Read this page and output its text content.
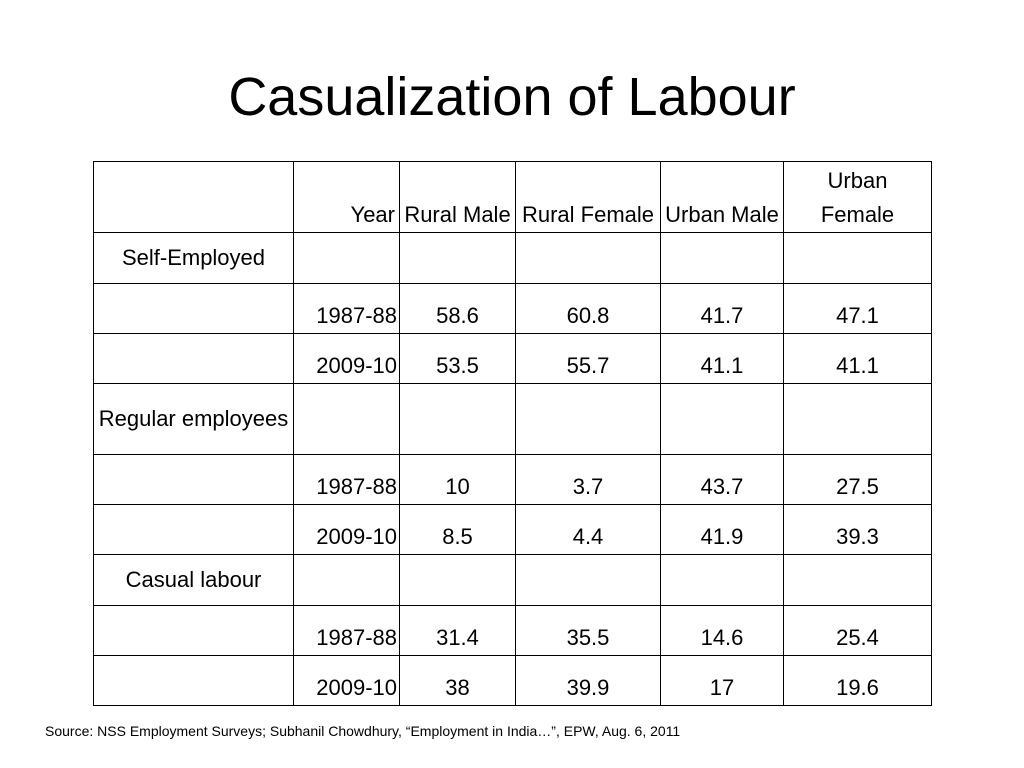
Casualization of Labour
	Year	Rural Male	Rural Female	Urban Male	Urban Female
Self-Employed					
	1987-88	58.6	60.8	41.7	47.1
	2009-10	53.5	55.7	41.1	41.1
Regular employees					
	1987-88	10	3.7	43.7	27.5
	2009-10	8.5	4.4	41.9	39.3
Casual labour					
	1987-88	31.4	35.5	14.6	25.4
	2009-10	38	39.9	17	19.6
Source: NSS Employment Surveys; Subhanil Chowdhury, “Employment in India…”, EPW, Aug. 6, 2011
